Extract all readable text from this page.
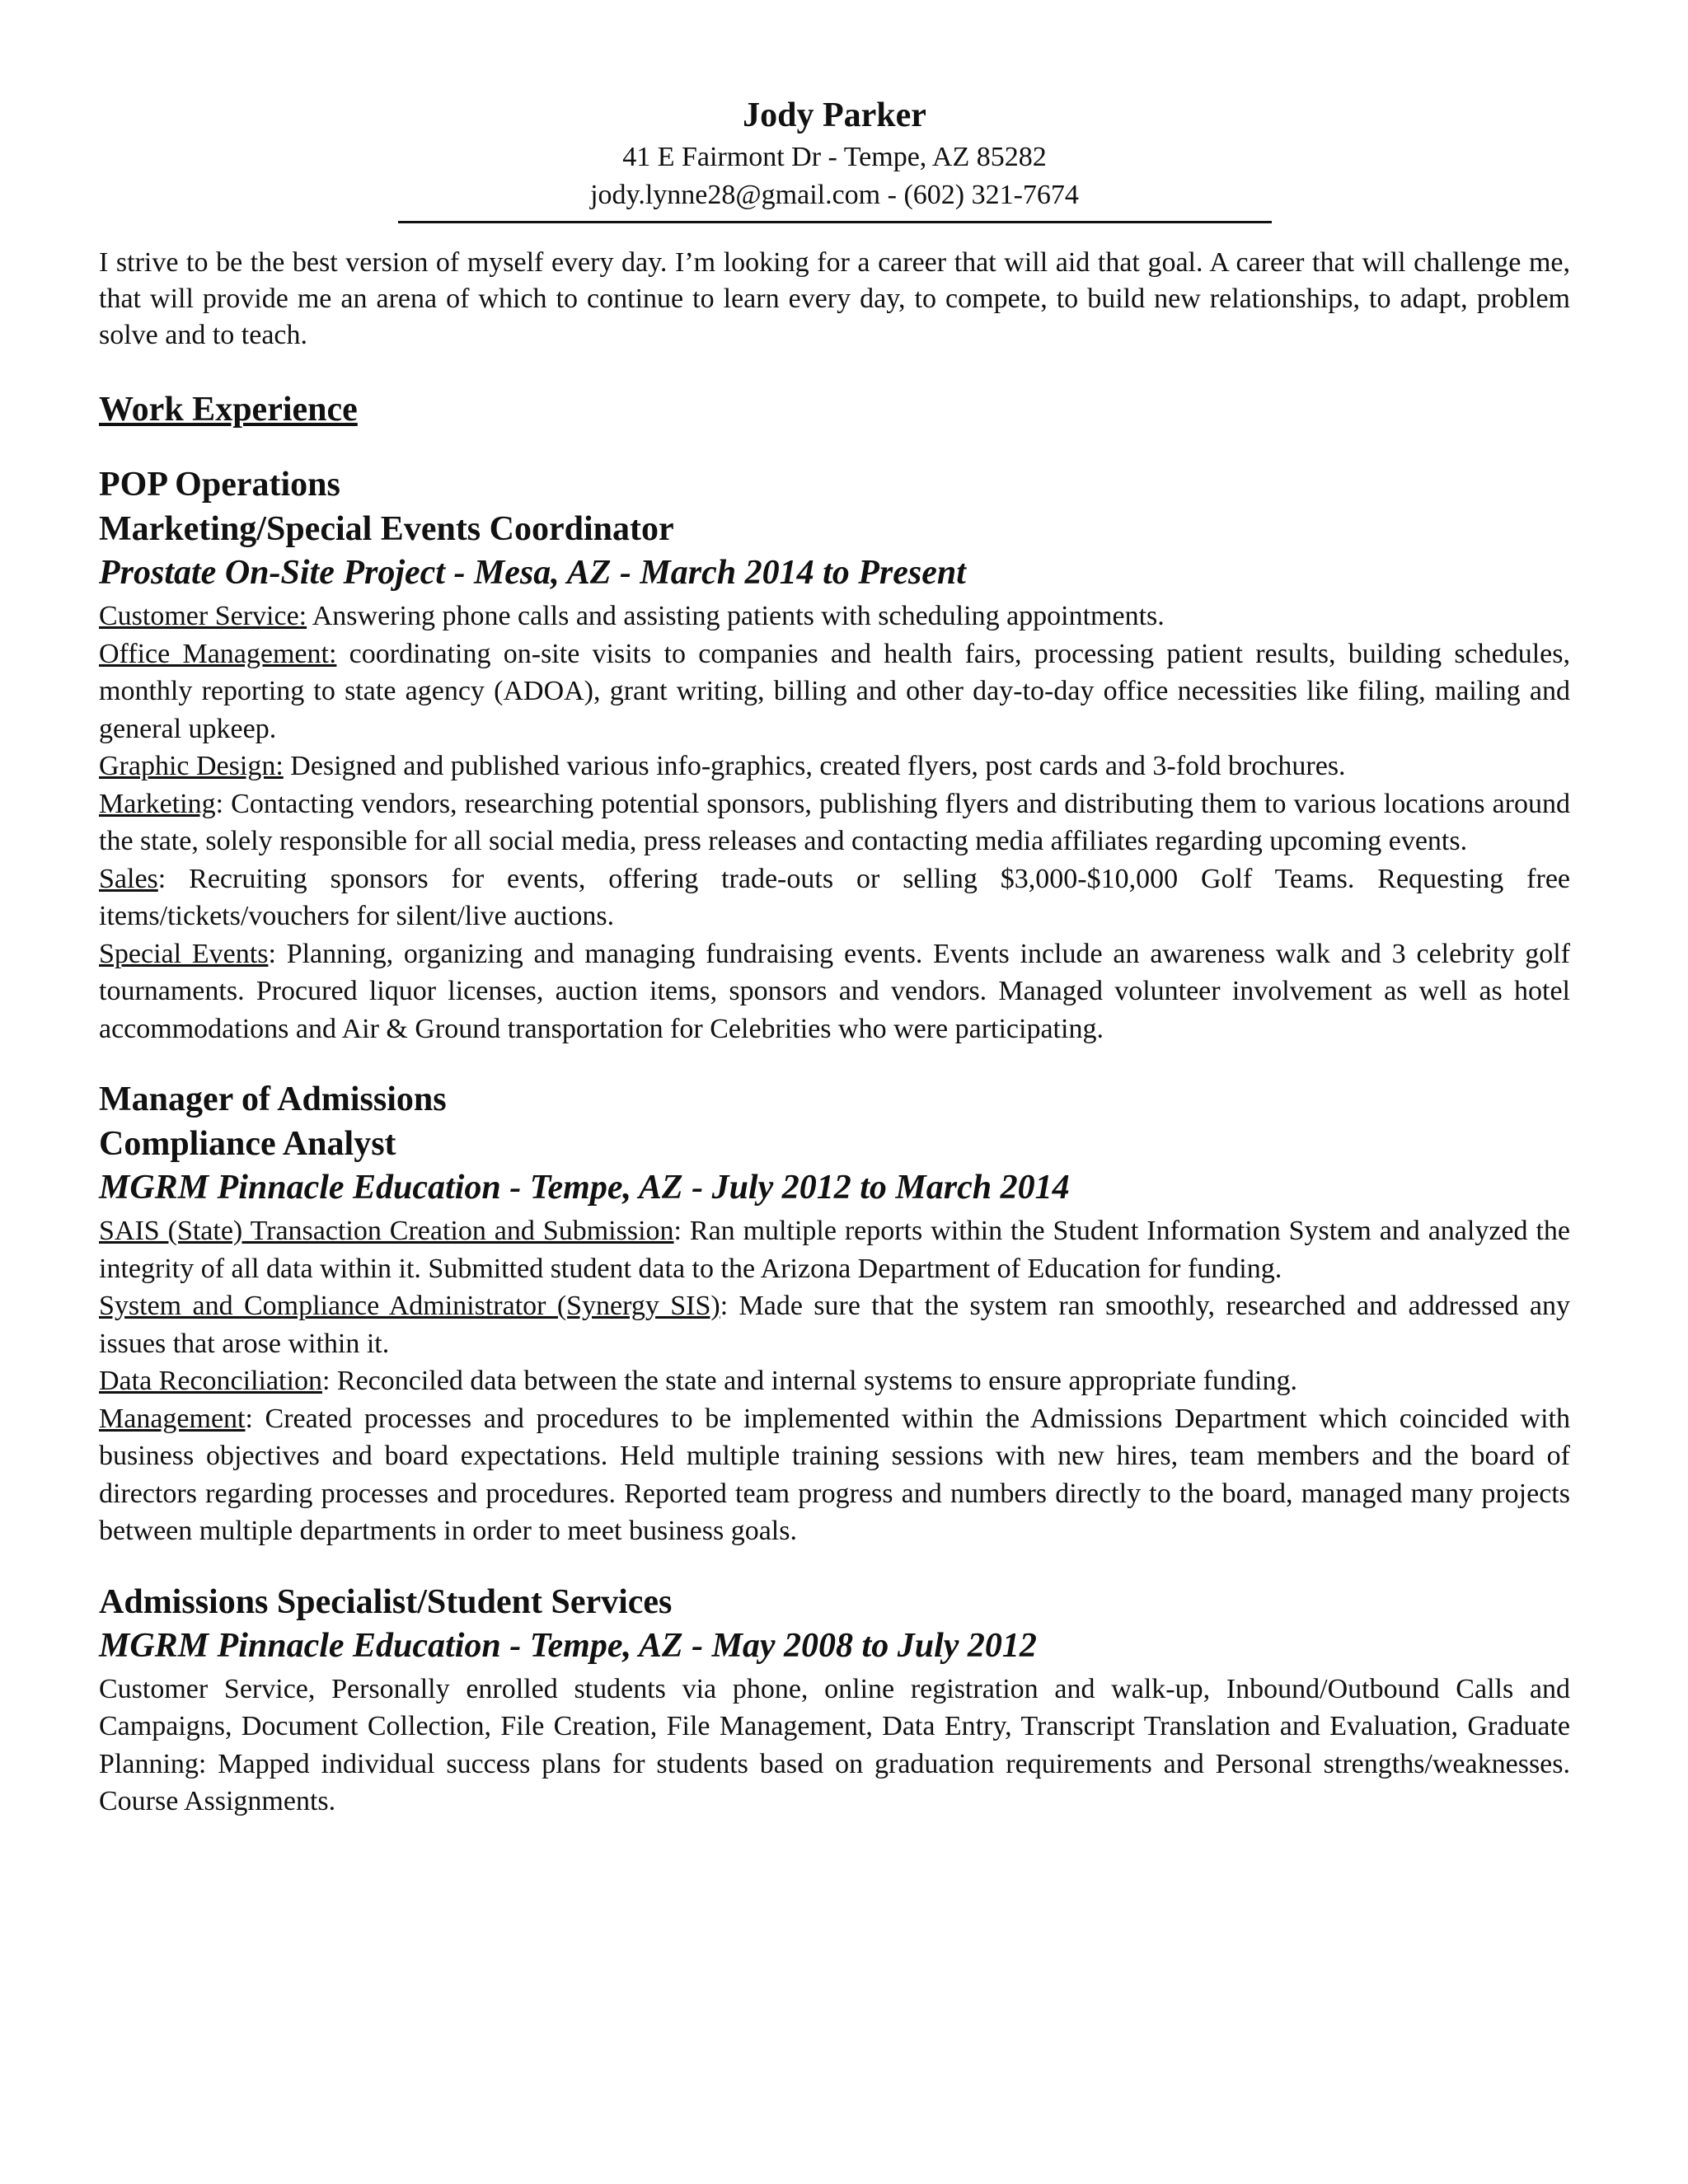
Jody Parker
41 E Fairmont Dr - Tempe, AZ 85282
jody.lynne28@gmail.com - (602) 321-7674
I strive to be the best version of myself every day. I’m looking for a career that will aid that goal. A career that will challenge me, that will provide me an arena of which to continue to learn every day, to compete, to build new relationships, to adapt, problem solve and to teach.
Work Experience
POP Operations
Marketing/Special Events Coordinator
Prostate On-Site Project - Mesa, AZ - March 2014 to Present
Customer Service: Answering phone calls and assisting patients with scheduling appointments.
Office Management: coordinating on-site visits to companies and health fairs, processing patient results, building schedules, monthly reporting to state agency (ADOA), grant writing, billing and other day-to-day office necessities like filing, mailing and general upkeep.
Graphic Design: Designed and published various info-graphics, created flyers, post cards and 3-fold brochures.
Marketing: Contacting vendors, researching potential sponsors, publishing flyers and distributing them to various locations around the state, solely responsible for all social media, press releases and contacting media affiliates regarding upcoming events.
Sales: Recruiting sponsors for events, offering trade-outs or selling $3,000-$10,000 Golf Teams. Requesting free items/tickets/vouchers for silent/live auctions.
Special Events: Planning, organizing and managing fundraising events. Events include an awareness walk and 3 celebrity golf tournaments. Procured liquor licenses, auction items, sponsors and vendors. Managed volunteer involvement as well as hotel accommodations and Air & Ground transportation for Celebrities who were participating.
Manager of Admissions
Compliance Analyst
MGRM Pinnacle Education - Tempe, AZ - July 2012 to March 2014
SAIS (State) Transaction Creation and Submission: Ran multiple reports within the Student Information System and analyzed the integrity of all data within it. Submitted student data to the Arizona Department of Education for funding.
System and Compliance Administrator (Synergy SIS): Made sure that the system ran smoothly, researched and addressed any issues that arose within it.
Data Reconciliation: Reconciled data between the state and internal systems to ensure appropriate funding.
Management: Created processes and procedures to be implemented within the Admissions Department which coincided with business objectives and board expectations. Held multiple training sessions with new hires, team members and the board of directors regarding processes and procedures. Reported team progress and numbers directly to the board, managed many projects between multiple departments in order to meet business goals.
Admissions Specialist/Student Services
MGRM Pinnacle Education - Tempe, AZ - May 2008 to July 2012
Customer Service, Personally enrolled students via phone, online registration and walk-up, Inbound/Outbound Calls and Campaigns, Document Collection, File Creation, File Management, Data Entry, Transcript Translation and Evaluation, Graduate Planning: Mapped individual success plans for students based on graduation requirements and Personal strengths/weaknesses. Course Assignments.
